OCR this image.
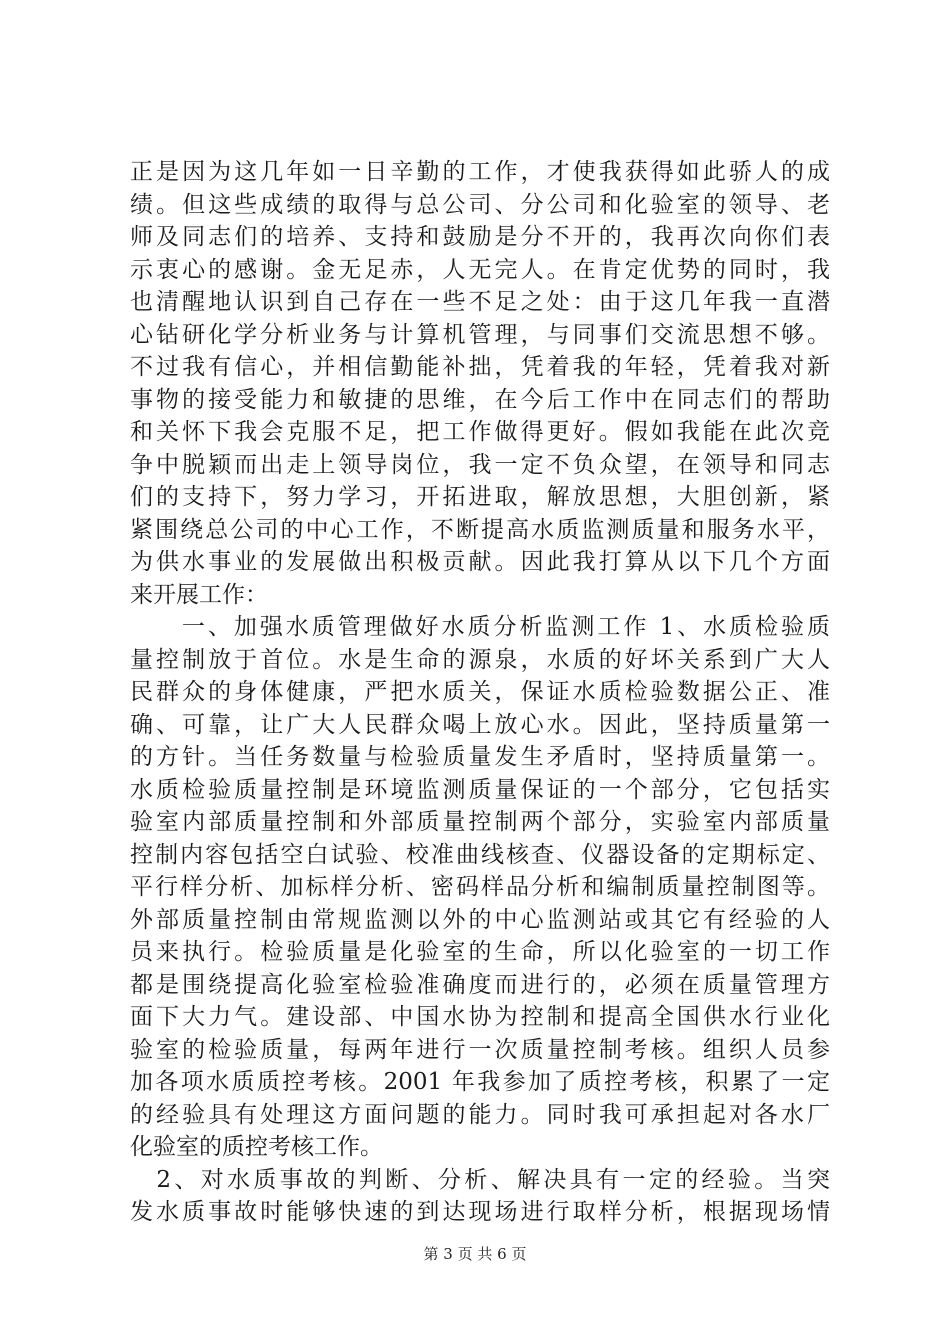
正是因为这几年如一日辛勤的工作，才使我获得如此骄人的成
绩。但这些成绩的取得与总公司、分公司和化验室的领导、老
师及同志们的培养、支持和鼓励是分不开的，我再次向你们表
示衷心的感谢。金无足赤，人无完人。在肯定优势的同时，我
也清醒地认识到自己存在一些不足之处：由于这几年我一直潜
心钻研化学分析业务与计算机管理，与同事们交流思想不够。
不过我有信心，并相信勤能补拙，凭着我的年轻，凭着我对新
事物的接受能力和敏捷的思维，在今后工作中在同志们的帮助
和关怀下我会克服不足，把工作做得更好。假如我能在此次竞
争中脱颖而出走上领导岗位，我一定不负众望，在领导和同志
们的支持下，努力学习，开拓进取，解放思想，大胆创新，紧
紧围绕总公司的中心工作，不断提高水质监测质量和服务水平，
为供水事业的发展做出积极贡献。因此我打算从以下几个方面
来开展工作：
　　一、加强水质管理做好水质分析监测工作 1、水质检验质
量控制放于首位。水是生命的源泉，水质的好坏关系到广大人
民群众的身体健康，严把水质关，保证水质检验数据公正、准
确、可靠，让广大人民群众喝上放心水。因此，坚持质量第一
的方针。当任务数量与检验质量发生矛盾时，坚持质量第一。
水质检验质量控制是环境监测质量保证的一个部分，它包括实
验室内部质量控制和外部质量控制两个部分，实验室内部质量
控制内容包括空白试验、校准曲线核查、仪器设备的定期标定、
平行样分析、加标样分析、密码样品分析和编制质量控制图等。
外部质量控制由常规监测以外的中心监测站或其它有经验的人
员来执行。检验质量是化验室的生命，所以化验室的一切工作
都是围绕提高化验室检验准确度而进行的，必须在质量管理方
面下大力气。建设部、中国水协为控制和提高全国供水行业化
验室的检验质量，每两年进行一次质量控制考核。组织人员参
加各项水质质控考核。2001 年我参加了质控考核，积累了一定
的经验具有处理这方面问题的能力。同时我可承担起对各水厂
化验室的质控考核工作。
　2、对水质事故的判断、分析、解决具有一定的经验。当突
发水质事故时能够快速的到达现场进行取样分析，根据现场情
第 3 页 共 6 页
